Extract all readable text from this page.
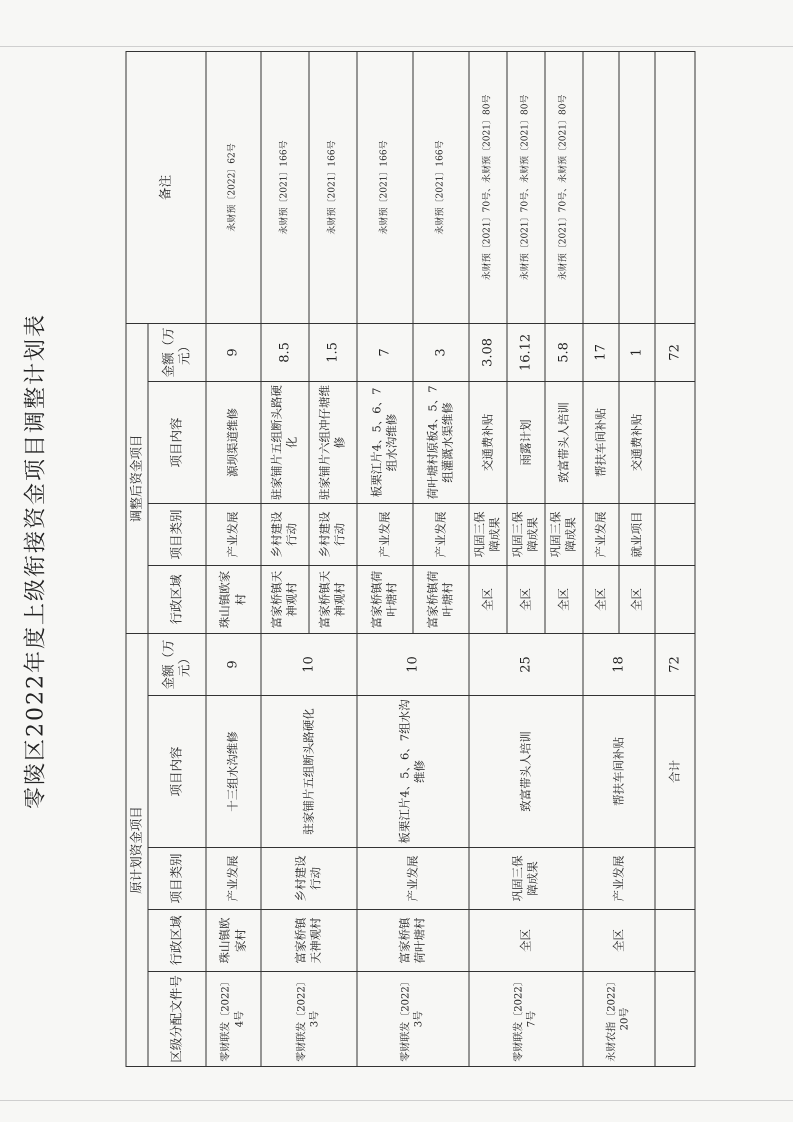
零陵区2022年度上级衔接资金项目调整计划表
原计划资金项目					调整后资金项目				备注
区级分配文件号	行政区域	项目类别	项目内容	金额（万元）	行政区域	项目类别	项目内容	金额（万元）	
零财联发〔2022〕4号	珠山镇欧家村	产业发展	十三组水沟维修	9	珠山镇欧家村	产业发展	源坝渠道维修	9	永财预〔2022〕62号
零财联发〔2022〕3号	富家桥镇天神观村	乡村建设行动	驻家铺片五组断头路硬化	10	富家桥镇天神观村	乡村建设行动	驻家铺片五组断头路硬化	8.5	永财预〔2021〕166号
					富家桥镇天神观村	乡村建设行动	驻家铺片六组冲仔塘维修	1.5	永财预〔2021〕166号
零财联发〔2022〕3号	富家桥镇荷叶塘村	产业发展	板栗江片4、5、6、7组水沟维修	10	富家桥镇荷叶塘村	产业发展	板栗江片4、5、6、7组水沟维修	7	永财预〔2021〕166号
					富家桥镇荷叶塘村	产业发展	荷叶塘村原板4、5、7组灌溉水渠维修	3	永财预〔2021〕166号
零财联发〔2022〕7号	全区	巩固三保障成果	致富带头人培训	25	全区	巩固三保障成果	交通费补贴	3.08	永财预〔2021〕70号、永财预〔2021〕80号
					全区	巩固三保障成果	雨露计划	16.12	永财预〔2021〕70号、永财预〔2021〕80号
					全区	巩固三保障成果	致富带头人培训	5.8	永财预〔2021〕70号、永财预〔2021〕80号
永财农指〔2022〕20号	全区	产业发展	帮扶车间补贴	18	全区	产业发展	帮扶车间补贴	17	
					全区	就业项目	交通费补贴	1	
			合计	72				72	
